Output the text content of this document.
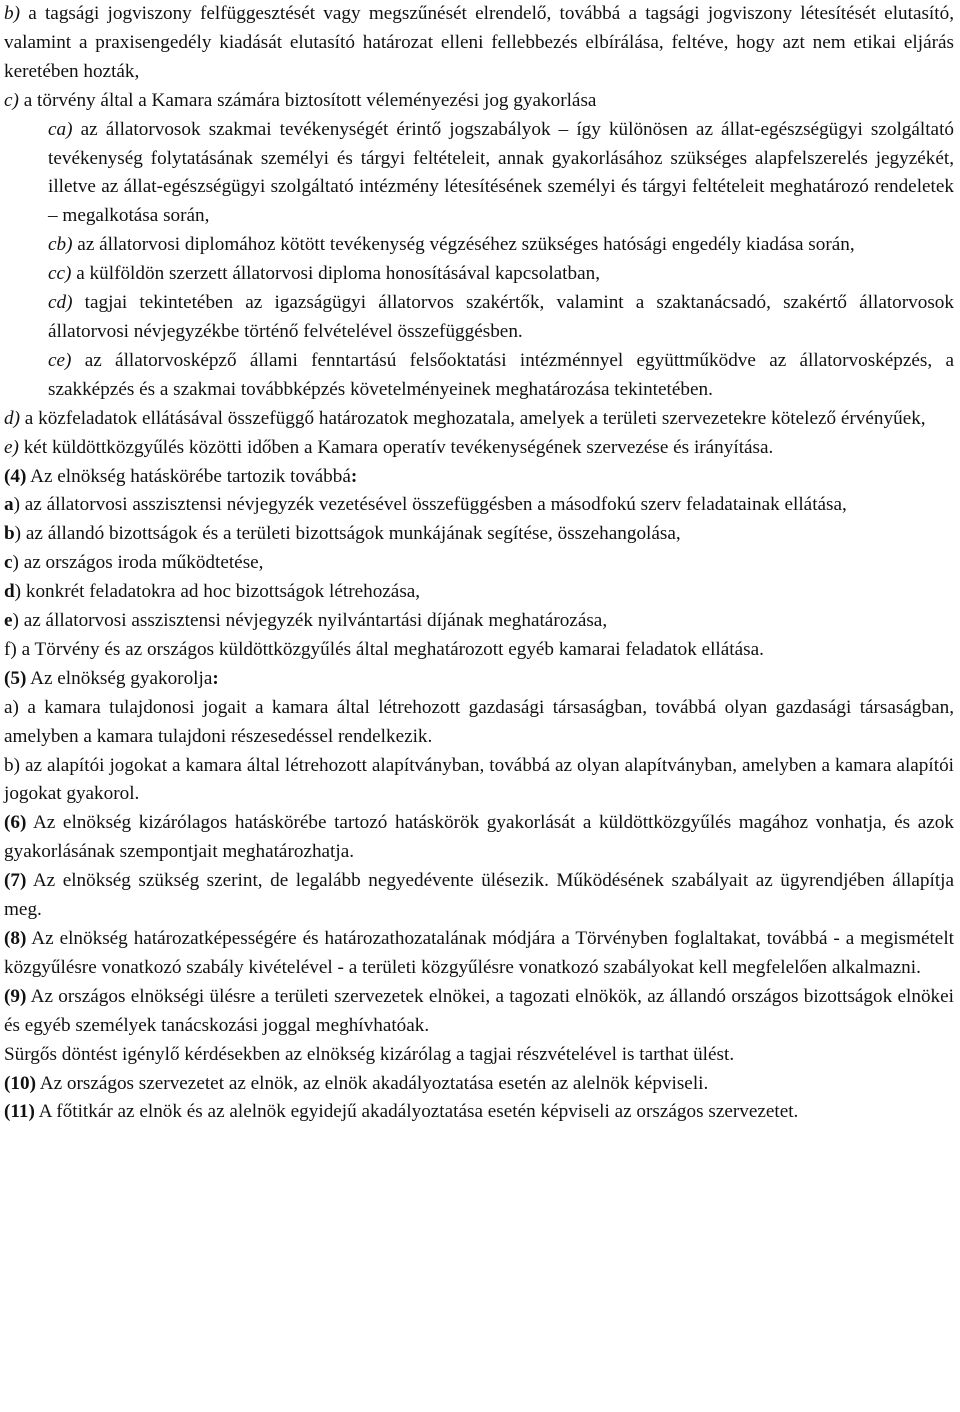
b) a tagsági jogviszony felfüggesztését vagy megszűnését elrendelő, továbbá a tagsági jogviszony létesítését elutasító, valamint a praxisengedély kiadását elutasító határozat elleni fellebbezés elbírálása, feltéve, hogy azt nem etikai eljárás keretében hozták,

c) a törvény által a Kamara számára biztosított véleményezési jog gyakorlása

ca) az állatorvosok szakmai tevékenységét érintő jogszabályok – így különösen az állat-egészségügyi szolgáltató tevékenység folytatásának személyi és tárgyi feltételeit, annak gyakorlásához szükséges alapfelszerelés jegyzékét, illetve az állat-egészségügyi szolgáltató intézmény létesítésének személyi és tárgyi feltételeit meghatározó rendeletek – megalkotása során,

cb) az állatorvosi diplomához kötött tevékenység végzéséhez szükséges hatósági engedély kiadása során,

cc) a külföldön szerzett állatorvosi diploma honosításával kapcsolatban,

cd) tagjai tekintetében az igazságügyi állatorvos szakértők, valamint a szaktanácsadó, szakértő állatorvosok állatorvosi névjegyzékbe történő felvételével összefüggésben.

ce) az állatorvosképző állami fenntartású felsőoktatási intézménnyel együttműködve az állatorvosképzés, a szakképzés és a szakmai továbbképzés követelményeinek meghatározása tekintetében.

d) a közfeladatok ellátásával összefüggő határozatok meghozatala, amelyek a területi szervezetekre kötelező érvényűek,

e) két küldöttközgyűlés közötti időben a Kamara operatív tevékenységének szervezése és irányítása.

(4) Az elnökség hatáskörébe tartozik továbbá:

a) az állatorvosi asszisztensi névjegyzék vezetésével összefüggésben a másodfokú szerv feladatainak ellátása,

b) az állandó bizottságok és a területi bizottságok munkájának segítése, összehangolása,

c) az országos iroda működtetése,

d) konkrét feladatokra ad hoc bizottságok létrehozása,

e) az állatorvosi asszisztensi névjegyzék nyilvántartási díjának meghatározása,

f) a Törvény és az országos küldöttközgyűlés által meghatározott egyéb kamarai feladatok ellátása.

(5) Az elnökség gyakorolja:

a) a kamara tulajdonosi jogait a kamara által létrehozott gazdasági társaságban, továbbá olyan gazdasági társaságban, amelyben a kamara tulajdoni részesedéssel rendelkezik.

b) az alapítói jogokat a kamara által létrehozott alapítványban, továbbá az olyan alapítványban, amelyben a kamara alapítói jogokat gyakorol.

(6) Az elnökség kizárólagos hatáskörébe tartozó hatáskörök gyakorlását a küldöttközgyűlés magához vonhatja, és azok gyakorlásának szempontjait meghatározhatja.

(7) Az elnökség szükség szerint, de legalább negyedévente ülésezik. Működésének szabályait az ügyrendjében állapítja meg.

(8) Az elnökség határozatképességére és határozathozatalának módjára a Törvényben foglaltakat, továbbá - a megismételt közgyűlésre vonatkozó szabály kivételével - a területi közgyűlésre vonatkozó szabályokat kell megfelelően alkalmazni.

(9) Az országos elnökségi ülésre a területi szervezetek elnökei, a tagozati elnökök, az állandó országos bizottságok elnökei és egyéb személyek tanácskozási joggal meghívhatóak.

Sürgős döntést igénylő kérdésekben az elnökség kizárólag a tagjai részvételével is tarthat ülést.

(10) Az országos szervezetet az elnök, az elnök akadályoztatása esetén az alelnök képviseli.

(11) A főtitkár az elnök és az alelnök egyidejű akadályoztatása esetén képviseli az országos szervezetet.
